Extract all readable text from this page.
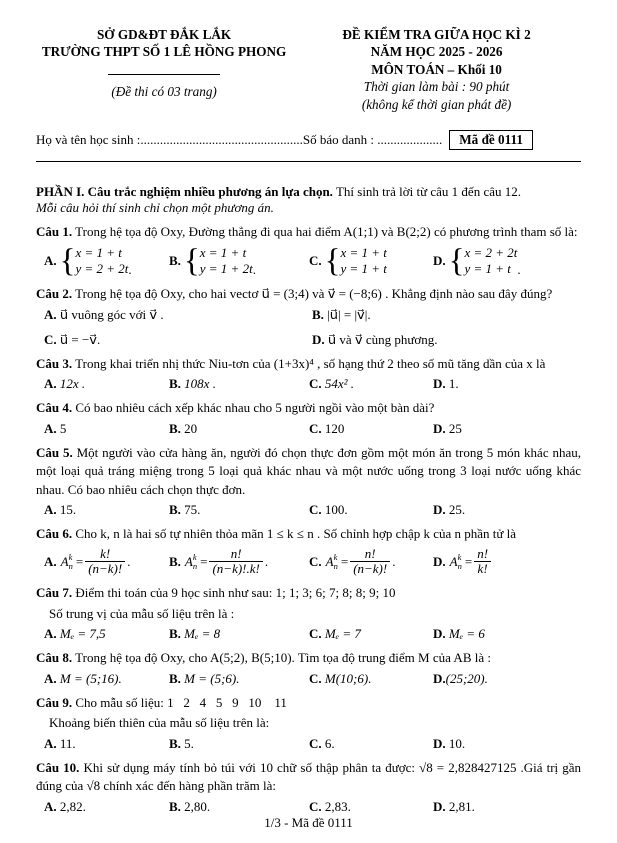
SỞ GD&ĐT ĐẮK LẮK
TRƯỜNG THPT SỐ 1 LÊ HỒNG PHONG
(Đề thi có 03 trang)
ĐỀ KIỂM TRA GIỮA HỌC KÌ 2
NĂM HỌC 2025 - 2026
MÔN TOÁN – Khối 10
Thời gian làm bài : 90 phút
(không kể thời gian phát đề)
Họ và tên học sinh :.................................................. Số báo danh : ....................	Mã đề 0111
PHẦN I. Câu trắc nghiệm nhiều phương án lựa chọn. Thí sinh trả lời từ câu 1 đến câu 12.
Mỗi câu hỏi thí sinh chỉ chọn một phương án.

Câu 1. Trong hệ tọa độ Oxy, Đường thẳng đi qua hai điểm A(1;1) và B(2;2) có phương trình tham số là:

A. { x = 1 + t
y = 2 + 2t .
B. { x = 1 + t
y = 1 + 2t .
C. { x = 1 + t
y = 1 + t
D. { x = 2 + 2t
y = 1 + t .

Câu 2. Trong hệ tọa độ Oxy, cho hai vectơ u⃗ = (3;4) và v⃗ = (−8;6) . Khẳng định nào sau đây đúng?

A. u⃗ vuông góc với v⃗ .	B. |u⃗| = |v⃗|.
C. u⃗ = −v⃗.	D. u⃗ và v⃗ cùng phương.

Câu 3. Trong khai triển nhị thức Niu-tơn của (1+3x)⁴ , số hạng thứ 2 theo số mũ tăng dần của x là

A. 12x .	B. 108x .	C. 54x² .	D. 1.

Câu 4. Có bao nhiêu cách xếp khác nhau cho 5 người ngồi vào một bàn dài?

A. 5	B. 20	C. 120	D. 25

Câu 5. Một người vào cửa hàng ăn, người đó chọn thực đơn gồm một món ăn trong 5 món khác nhau, một loại quả tráng miệng trong 5 loại quả khác nhau và một nước uống trong 3 loại nước uống khác nhau. Có bao nhiêu cách chọn thực đơn.

A. 15.	B. 75.	C. 100.	D. 25.

Câu 6. Cho k, n là hai số tự nhiên thỏa mãn 1 ≤ k ≤ n . Số chỉnh hợp chập k của n phần tử là

A. A k
$n = \frac{k!}{(n-k)!}$ .	B. A k
$n = \frac{n!}{(n-k)!.k!}$ .	C. A k
$n = \frac{n!}{(n-k)!}$ .	D. A k
$n = \frac{n!}{k!}$

Câu 7. Điểm thi toán của 9 học sinh như sau: 1; 1; 3; 6; 7; 8; 8; 9; 10

Số trung vị của mẫu số liệu trên là :

A. Mₑ = 7,5	B. Mₑ = 8	C. Mₑ = 7	D. Mₑ = 6

Câu 8. Trong hệ tọa độ Oxy, cho A(5;2), B(5;10). Tìm tọa độ trung điểm M của AB là :

A. M = (5;16).	B. M = (5;6).	C. M(10;6).	D.(25;20).

Câu 9. Cho mẫu số liệu: 1   2   4   5   9   10    11

Khoảng biến thiên của mẫu số liệu trên là:

A. 11.	B. 5.	C. 6.	D. 10.

Câu 10. Khi sử dụng máy tính bỏ túi với 10 chữ số thập phân ta được: √8 = 2,828427125 .Giá trị gần đúng của √8 chính xác đến hàng phần trăm là:

A. 2,82.	B. 2,80.	C. 2,83.	D. 2,81.
1/3 - Mã đề 0111
